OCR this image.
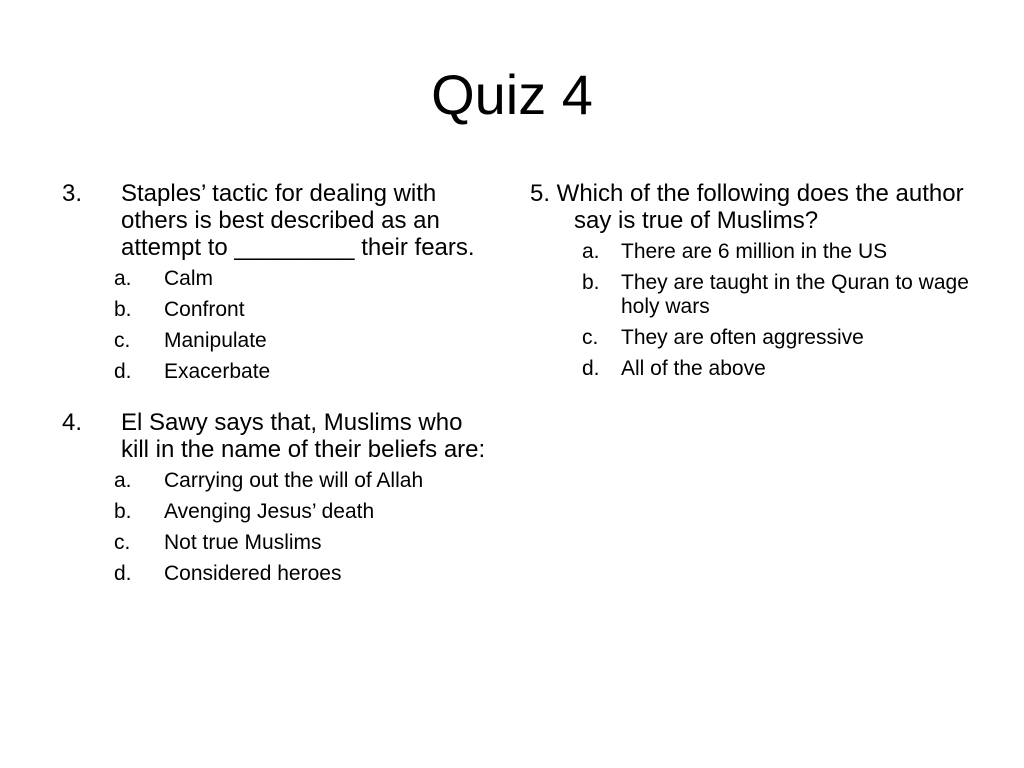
Quiz 4
3.	Staples’ tactic for dealing with others is best described as an attempt to _________ their fears.
a.	Calm
b.	Confront
c.	Manipulate
d.	Exacerbate
4.	El Sawy says that, Muslims who kill in the name of their beliefs are:
a.	Carrying out the will of Allah
b.	Avenging Jesus’ death
c.	Not true Muslims
d.	Considered heroes
5. Which of the following does the author say is true of Muslims?
a.	There are 6 million in the US
b.	They are taught in the Quran to wage holy wars
c.	They are often aggressive
d.	All of the above
